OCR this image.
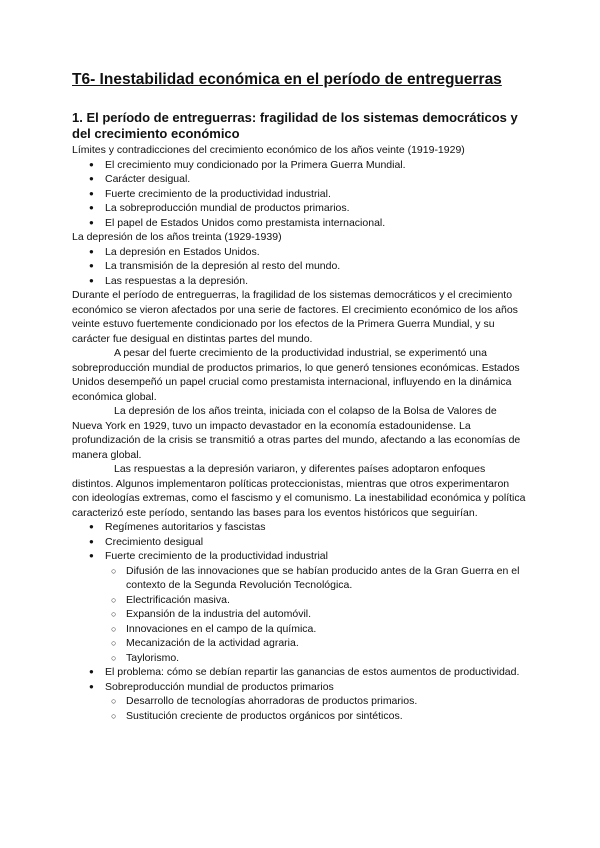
T6- Inestabilidad económica en el período de entreguerras
1. El período de entreguerras: fragilidad de los sistemas democráticos y del crecimiento económico

Límites y contradicciones del crecimiento económico de los años veinte (1919-1929)

● El crecimiento muy condicionado por la Primera Guerra Mundial.
● Carácter desigual.
● Fuerte crecimiento de la productividad industrial.
● La sobreproducción mundial de productos primarios.
● El papel de Estados Unidos como prestamista internacional.

La depresión de los años treinta (1929-1939)

● La depresión en Estados Unidos.
● La transmisión de la depresión al resto del mundo.
● Las respuestas a la depresión.

Durante el período de entreguerras, la fragilidad de los sistemas democráticos y el crecimiento económico se vieron afectados por una serie de factores. El crecimiento económico de los años veinte estuvo fuertemente condicionado por los efectos de la Primera Guerra Mundial, y su carácter fue desigual en distintas partes del mundo.

A pesar del fuerte crecimiento de la productividad industrial, se experimentó una sobreproducción mundial de productos primarios, lo que generó tensiones económicas. Estados Unidos desempeñó un papel crucial como prestamista internacional, influyendo en la dinámica económica global.

La depresión de los años treinta, iniciada con el colapso de la Bolsa de Valores de Nueva York en 1929, tuvo un impacto devastador en la economía estadounidense. La profundización de la crisis se transmitió a otras partes del mundo, afectando a las economías de manera global.

Las respuestas a la depresión variaron, y diferentes países adoptaron enfoques distintos. Algunos implementaron políticas proteccionistas, mientras que otros experimentaron con ideologías extremas, como el fascismo y el comunismo. La inestabilidad económica y política caracterizó este período, sentando las bases para los eventos históricos que seguirían.

● Regímenes autoritarios y fascistas
● Crecimiento desigual
● Fuerte crecimiento de la productividad industrial
○ Difusión de las innovaciones que se habían producido antes de la Gran Guerra en el contexto de la Segunda Revolución Tecnológica.
○ Electrificación masiva.
○ Expansión de la industria del automóvil.
○ Innovaciones en el campo de la química.
○ Mecanización de la actividad agraria.
○ Taylorismo.
● El problema: cómo se debían repartir las ganancias de estos aumentos de productividad.
● Sobreproducción mundial de productos primarios
○ Desarrollo de tecnologías ahorradoras de productos primarios.
○ Sustitución creciente de productos orgánicos por sintéticos.
